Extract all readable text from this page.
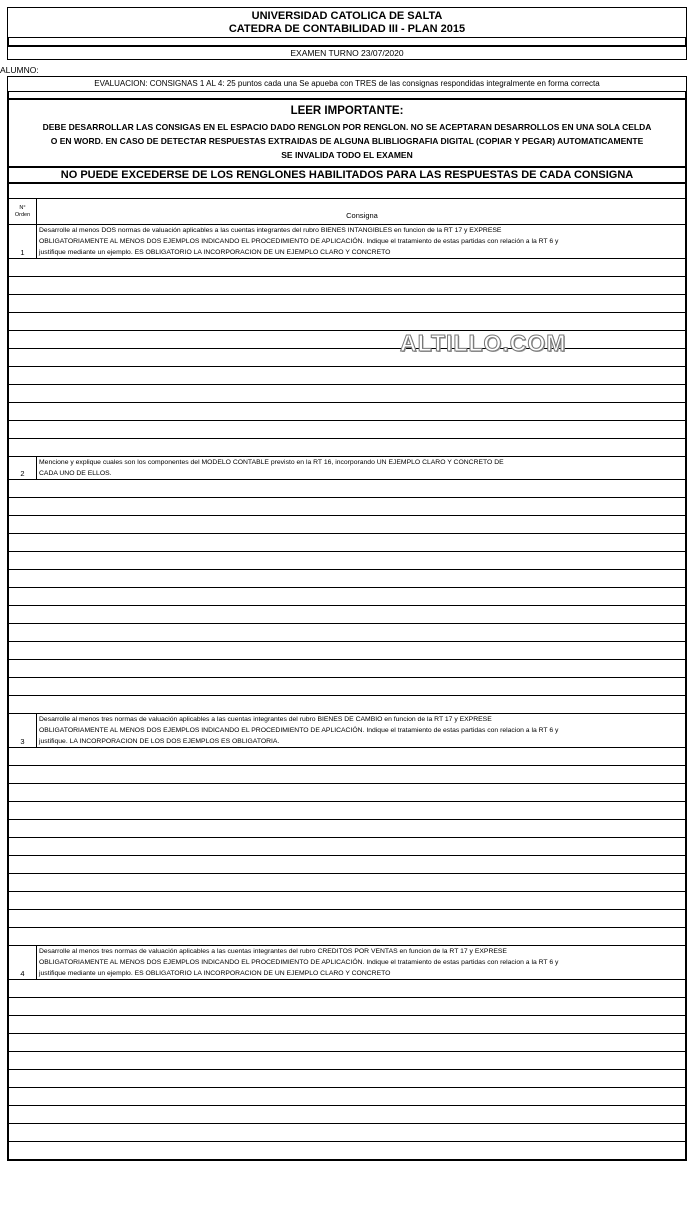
UNIVERSIDAD CATOLICA DE SALTA
CATEDRA DE CONTABILIDAD III - PLAN 2015
EXAMEN TURNO 23/07/2020
ALUMNO:
EVALUACION: CONSIGNAS 1 AL 4: 25 puntos cada una Se apueba con TRES de las consignas respondidas integralmente en forma correcta
LEER IMPORTANTE:
DEBE DESARROLLAR LAS CONSIGAS EN EL ESPACIO DADO RENGLON POR RENGLON. NO SE ACEPTARAN DESARROLLOS EN UNA SOLA CELDA
O EN WORD. EN CASO DE DETECTAR RESPUESTAS EXTRAIDAS DE ALGUNA BLIBLIOGRAFIA DIGITAL (COPIAR Y PEGAR) AUTOMATICAMENTE
SE INVALIDA TODO EL EXAMEN
NO PUEDE EXCEDERSE DE LOS RENGLONES HABILITADOS PARA LAS RESPUESTAS DE CADA CONSIGNA
N°
Orden	Consigna
1
Desarrolle al menos DOS normas de valuación aplicables a las cuentas integrantes del rubro BIENES INTANGIBLES en funcion de la RT 17 y EXPRESE
OBLIGATORIAMENTE AL MENOS DOS EJEMPLOS INDICANDO EL PROCEDIMIENTO DE APLICACIÓN. Indique el tratamiento de estas partidas con relación a la RT 6 y
justifique mediante un ejemplo. ES OBLIGATORIO LA INCORPORACION DE UN EJEMPLO CLARO Y CONCRETO
2
Mencione y explique cuales son los componentes del MODELO CONTABLE previsto en la RT 16, incorporando UN EJEMPLO CLARO Y CONCRETO DE
CADA UNO DE ELLOS.
3
Desarrolle al menos tres normas de valuación aplicables a las cuentas integrantes del rubro BIENES DE CAMBIO en funcion de la RT 17 y EXPRESE
OBLIGATORIAMENTE AL MENOS DOS EJEMPLOS INDICANDO EL PROCEDIMIENTO DE APLICACIÓN. Indique el tratamiento de estas partidas con relacion a la RT 6 y
justifique. LA INCORPORACION DE LOS DOS EJEMPLOS ES OBLIGATORIA.
4
Desarrolle al menos tres normas de valuación aplicables a las cuentas integrantes del rubro CREDITOS POR VENTAS en funcion de la RT 17 y EXPRESE
OBLIGATORIAMENTE AL MENOS DOS EJEMPLOS INDICANDO EL PROCEDIMIENTO DE APLICACIÓN. Indique el tratamiento de estas partidas con relacion a la RT 6 y
justifique mediante un ejemplo. ES OBLIGATORIO LA INCORPORACION DE UN EJEMPLO CLARO Y CONCRETO
ALTILLO.COM
